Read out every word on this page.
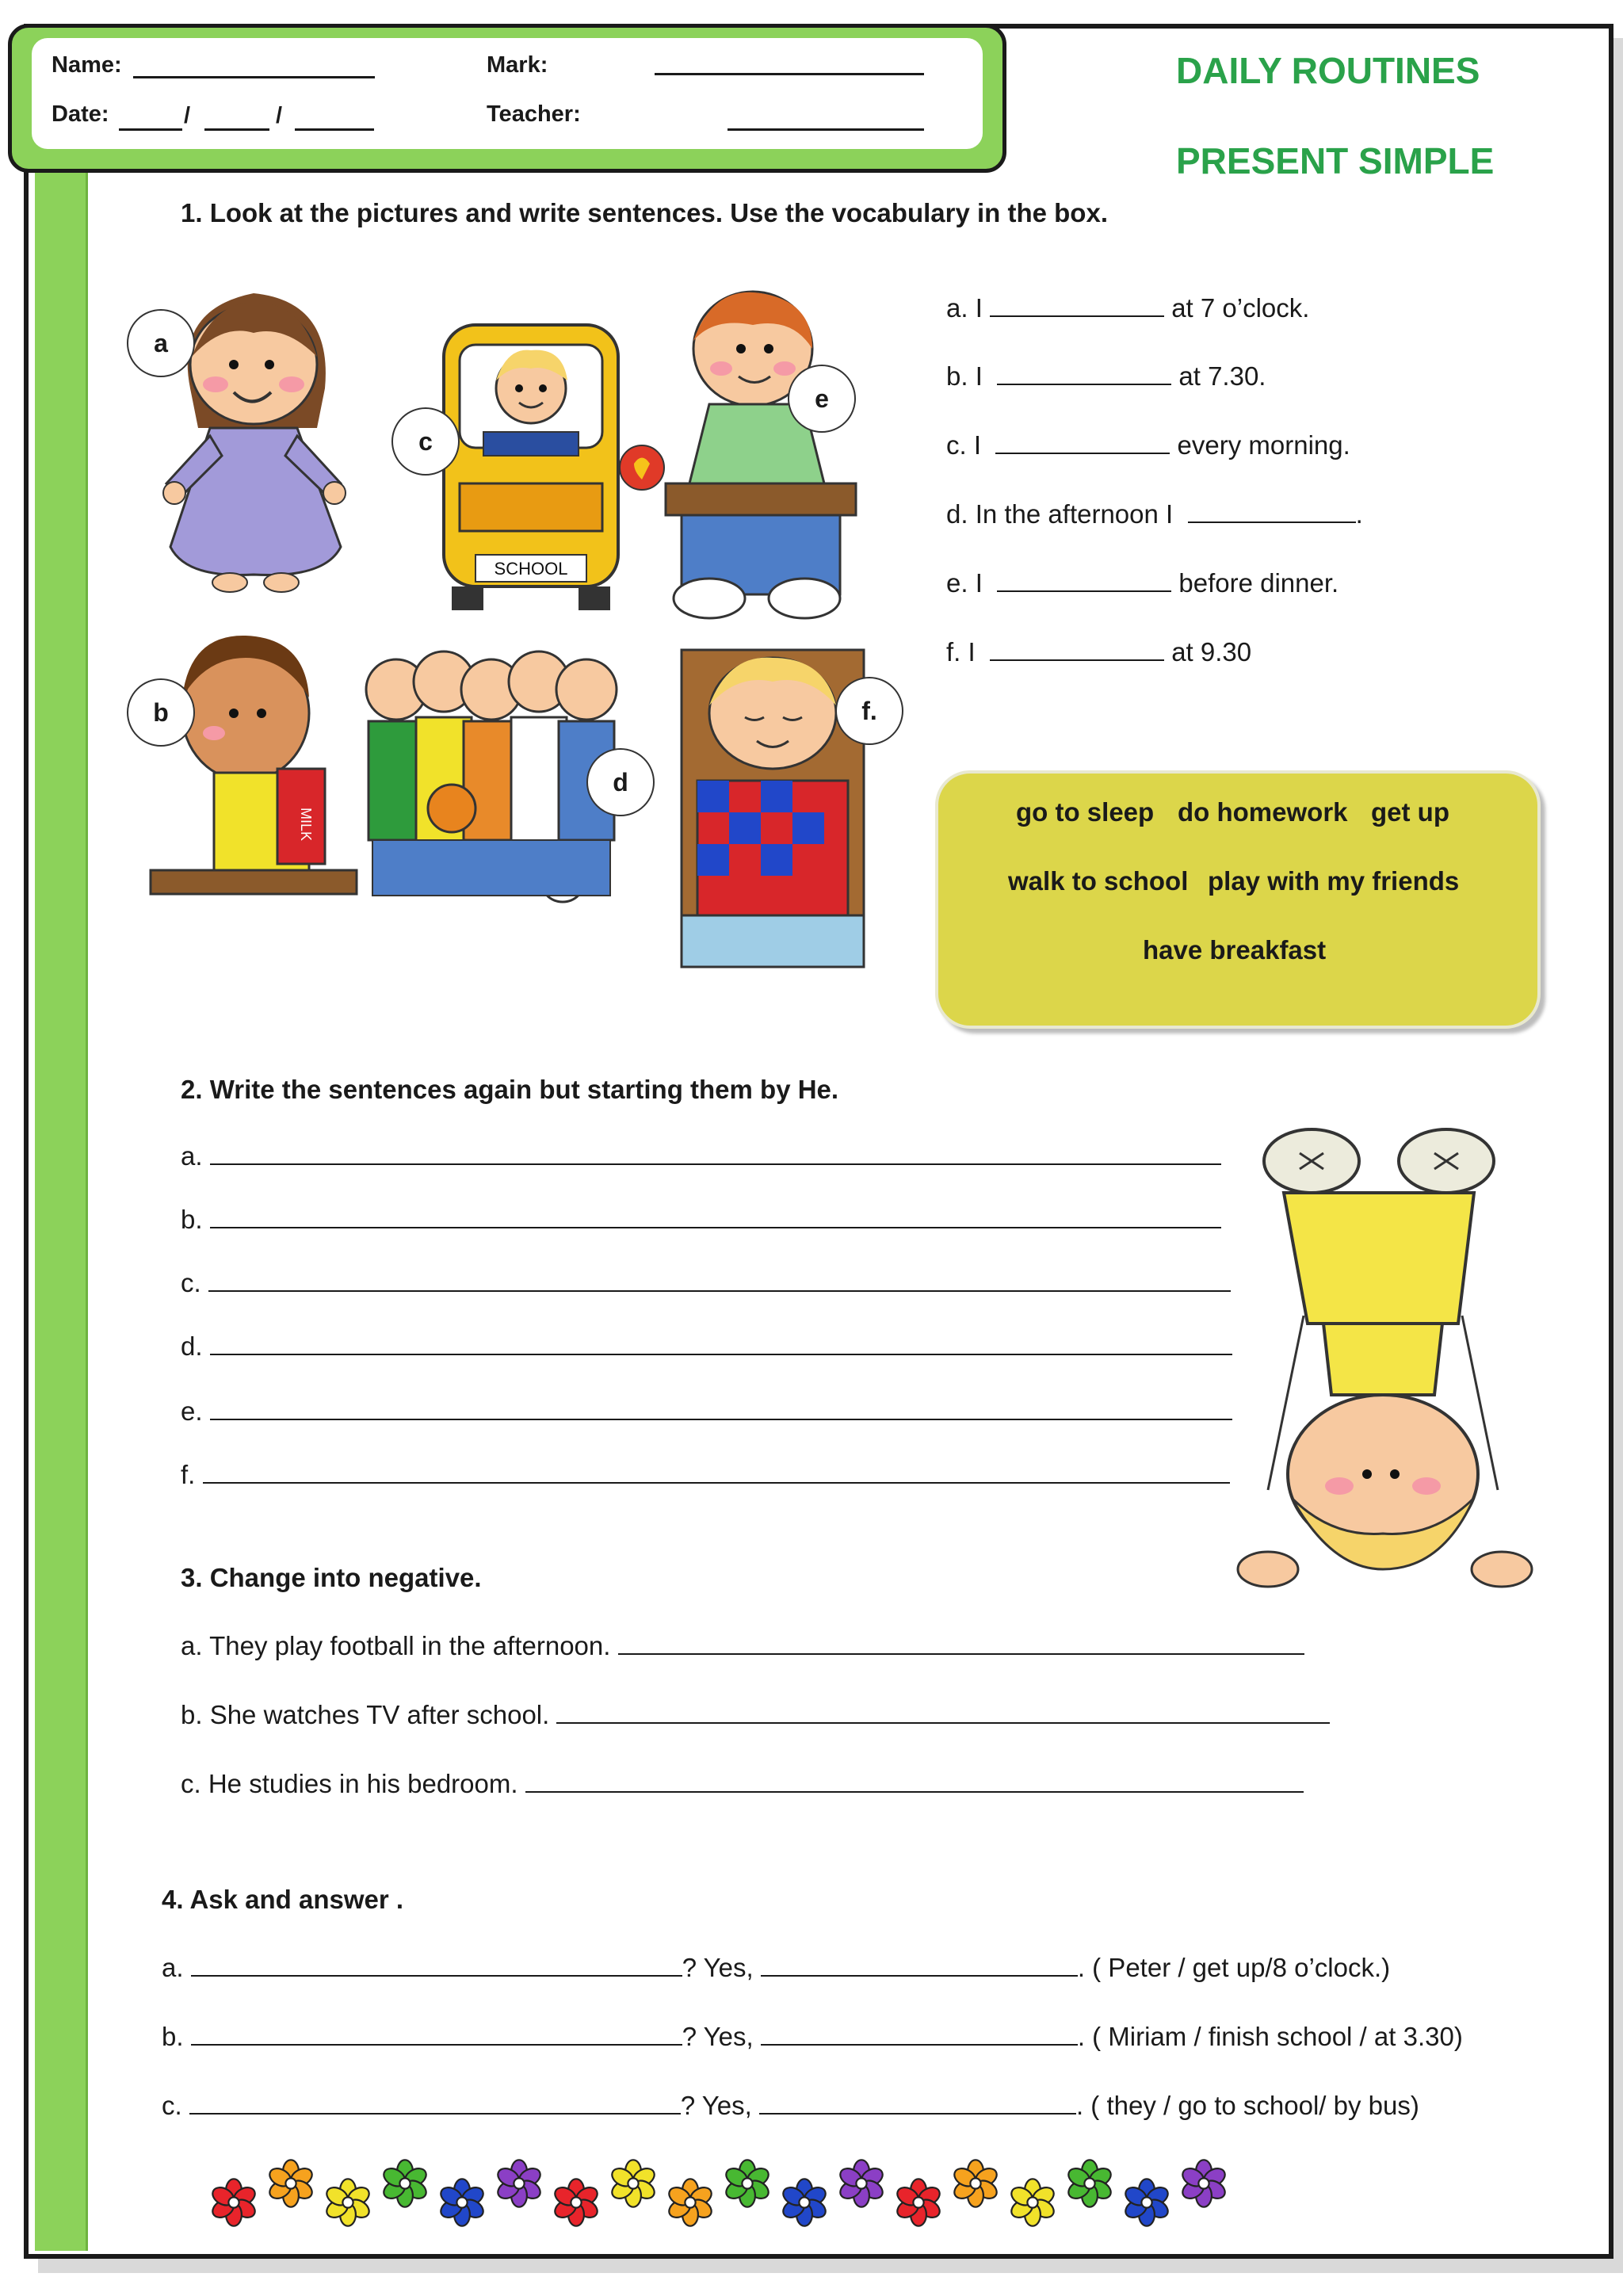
Name:
Date:	/	/
Mark:
Teacher:
DAILY ROUTINES
PRESENT SIMPLE
1. Look at the pictures and write sentences. Use the vocabulary in the box.
SCHOOL
MILK
a
b
c
d
e
f.
a. I	at 7 o’clock.
b. I	at 7.30.
c. I	every morning.
d. In the afternoon I	.
e. I	before dinner.
f. I	at 9.30
go to sleep do homework get up
walk to school play with my friends
have breakfast
2. Write the sentences again but starting them by He.
a.
b.
c.
d.
e.
f.
3. Change into negative.
a. They play football in the afternoon.
b. She watches TV after school.
c. He studies in his bedroom.
4. Ask and answer .
a.	? Yes,	. ( Peter / get up/8 o’clock.)
b.	? Yes,	. ( Miriam / finish school / at 3.30)
c.	? Yes,	. ( they / go to school/ by bus)
